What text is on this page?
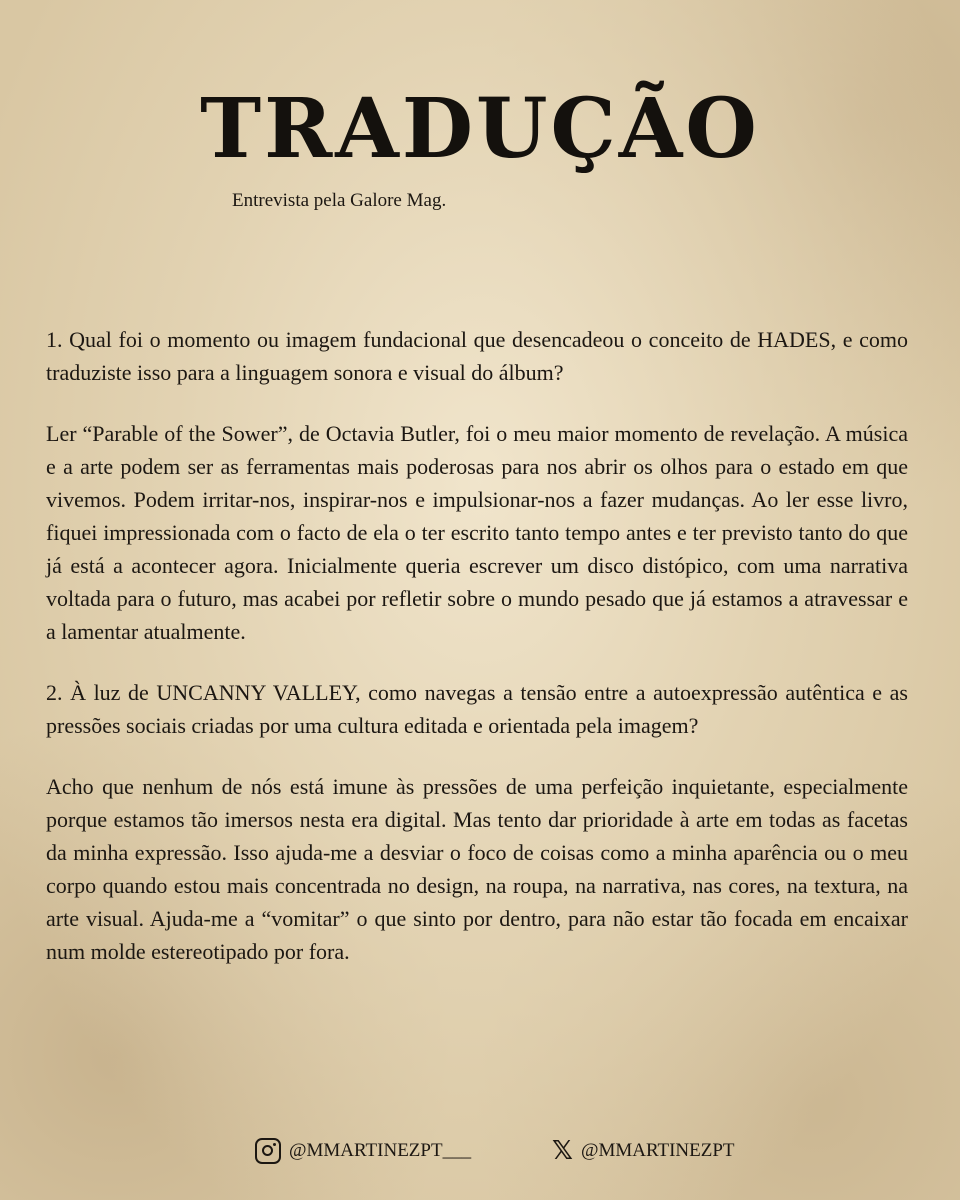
TRADUÇÃO
Entrevista pela Galore Mag.

1. Qual foi o momento ou imagem fundacional que desencadeou o conceito de HADES, e como traduziste isso para a linguagem sonora e visual do álbum?

Ler “Parable of the Sower”, de Octavia Butler, foi o meu maior momento de revelação. A música e a arte podem ser as ferramentas mais poderosas para nos abrir os olhos para o estado em que vivemos. Podem irritar-nos, inspirar-nos e impulsionar-nos a fazer mudanças. Ao ler esse livro, fiquei impressionada com o facto de ela o ter escrito tanto tempo antes e ter previsto tanto do que já está a acontecer agora. Inicialmente queria escrever um disco distópico, com uma narrativa voltada para o futuro, mas acabei por refletir sobre o mundo pesado que já estamos a atravessar e a lamentar atualmente.

2. À luz de UNCANNY VALLEY, como navegas a tensão entre a autoexpressão autêntica e as pressões sociais criadas por uma cultura editada e orientada pela imagem?

Acho que nenhum de nós está imune às pressões de uma perfeição inquietante, especialmente porque estamos tão imersos nesta era digital. Mas tento dar prioridade à arte em todas as facetas da minha expressão. Isso ajuda-me a desviar o foco de coisas como a minha aparência ou o meu corpo quando estou mais concentrada no design, na roupa, na narrativa, nas cores, na textura, na arte visual. Ajuda-me a “vomitar” o que sinto por dentro, para não estar tão focada em encaixar num molde estereotipado por fora.

@MMARTINEZPT___	𝕏 @MMARTINEZPT
